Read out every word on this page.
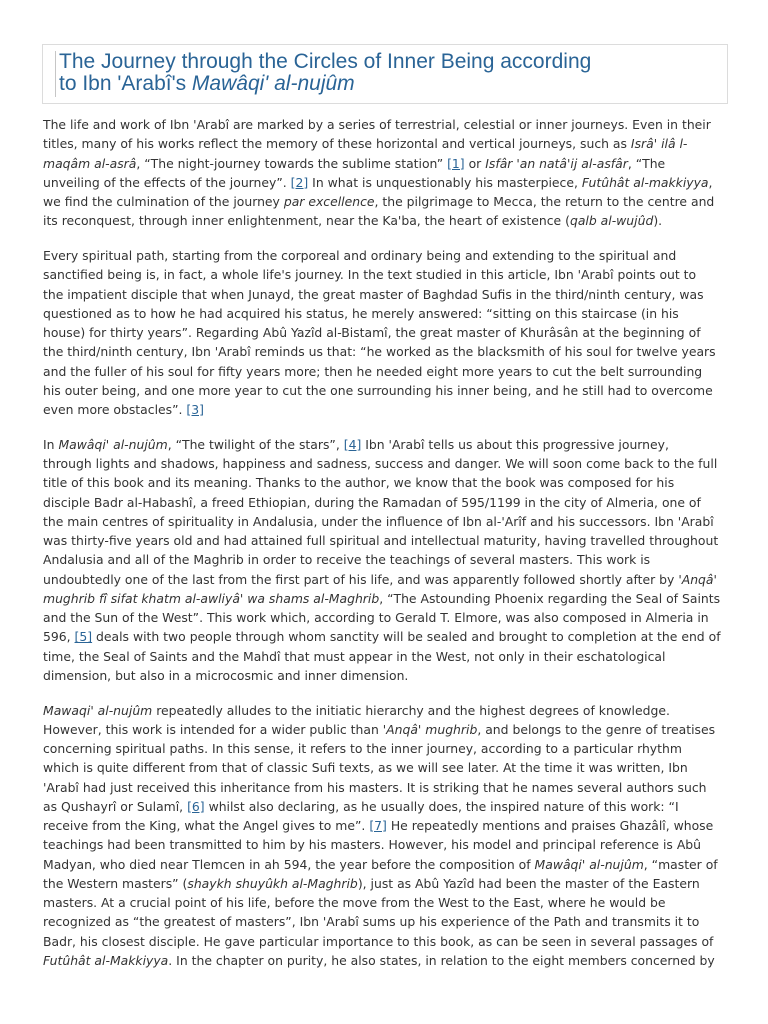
The Journey through the Circles of Inner Being according
to Ibn 'Arabî's Mawâqi' al-nujûm

The life and work of Ibn 'Arabî are marked by a series of terrestrial, celestial or inner journeys. Even in their
titles, many of his works reflect the memory of these horizontal and vertical journeys, such as Isrâ' ilâ l-
maqâm al-asrâ, “The night-journey towards the sublime station” [1] or Isfâr 'an natâ'ij al-asfâr, “The
unveiling of the effects of the journey”. [2] In what is unquestionably his masterpiece, Futûhât al-makkiyya,
we find the culmination of the journey par excellence, the pilgrimage to Mecca, the return to the centre and
its reconquest, through inner enlightenment, near the Ka'ba, the heart of existence (qalb al-wujûd).

Every spiritual path, starting from the corporeal and ordinary being and extending to the spiritual and
sanctified being is, in fact, a whole life's journey. In the text studied in this article, Ibn 'Arabî points out to
the impatient disciple that when Junayd, the great master of Baghdad Sufis in the third/ninth century, was
questioned as to how he had acquired his status, he merely answered: “sitting on this staircase (in his
house) for thirty years”. Regarding Abû Yazîd al-Bistamî, the great master of Khurâsân at the beginning of
the third/ninth century, Ibn 'Arabî reminds us that: “he worked as the blacksmith of his soul for twelve years
and the fuller of his soul for fifty years more; then he needed eight more years to cut the belt surrounding
his outer being, and one more year to cut the one surrounding his inner being, and he still had to overcome
even more obstacles”. [3]

In Mawâqi' al-nujûm, “The twilight of the stars”, [4] Ibn 'Arabî tells us about this progressive journey,
through lights and shadows, happiness and sadness, success and danger. We will soon come back to the full
title of this book and its meaning. Thanks to the author, we know that the book was composed for his
disciple Badr al-Habashî, a freed Ethiopian, during the Ramadan of 595/1199 in the city of Almeria, one of
the main centres of spirituality in Andalusia, under the influence of Ibn al-'Arîf and his successors. Ibn 'Arabî
was thirty-five years old and had attained full spiritual and intellectual maturity, having travelled throughout
Andalusia and all of the Maghrib in order to receive the teachings of several masters. This work is
undoubtedly one of the last from the first part of his life, and was apparently followed shortly after by 'Anqâ'
mughrib fî sifat khatm al-awliyâ' wa shams al-Maghrib, “The Astounding Phoenix regarding the Seal of Saints
and the Sun of the West”. This work which, according to Gerald T. Elmore, was also composed in Almeria in
596, [5] deals with two people through whom sanctity will be sealed and brought to completion at the end of
time, the Seal of Saints and the Mahdî that must appear in the West, not only in their eschatological
dimension, but also in a microcosmic and inner dimension.

Mawaqi' al-nujûm repeatedly alludes to the initiatic hierarchy and the highest degrees of knowledge.
However, this work is intended for a wider public than 'Anqâ' mughrib, and belongs to the genre of treatises
concerning spiritual paths. In this sense, it refers to the inner journey, according to a particular rhythm
which is quite different from that of classic Sufi texts, as we will see later. At the time it was written, Ibn
'Arabî had just received this inheritance from his masters. It is striking that he names several authors such
as Qushayrî or Sulamî, [6] whilst also declaring, as he usually does, the inspired nature of this work: “I
receive from the King, what the Angel gives to me”. [7] He repeatedly mentions and praises Ghazâlî, whose
teachings had been transmitted to him by his masters. However, his model and principal reference is Abû
Madyan, who died near Tlemcen in ah 594, the year before the composition of Mawâqi' al-nujûm, “master of
the Western masters” (shaykh shuyûkh al-Maghrib), just as Abû Yazîd had been the master of the Eastern
masters. At a crucial point of his life, before the move from the West to the East, where he would be
recognized as “the greatest of masters”, Ibn 'Arabî sums up his experience of the Path and transmits it to
Badr, his closest disciple. He gave particular importance to this book, as can be seen in several passages of
Futûhât al-Makkiyya. In the chapter on purity, he also states, in relation to the eight members concerned by
